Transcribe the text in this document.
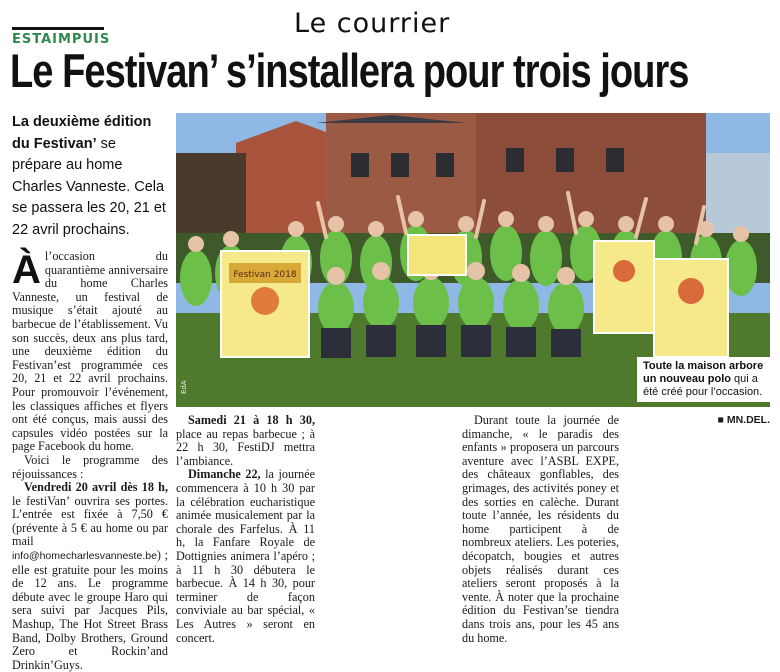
Le courrier
ESTAIMPUIS
Le Festivan’ s’installera pour trois jours
La deuxième édition du Festivan’ se prépare au home Charles Vanneste. Cela se passera les 20, 21 et 22 avril prochains.
Festivan 2018
EdA
Toute la maison arbore un nouveau polo qui a été créé pour l’occasion.

Àl’occasion du quarantième anniversaire du home Charles Vanneste, un festival de musique s’était ajouté au barbecue de l’établissement. Vu son succès, deux ans plus tard, une deuxième édition du Festivan’est programmée ces 20, 21 et 22 avril prochains. Pour promouvoir l’événement, les classiques affiches et flyers ont été conçus, mais aussi des capsules vidéo postées sur la page Facebook du home.

Voici le programme des réjouissances :

Vendredi 20 avril dès 18 h, le festiVan’ ouvrira ses portes. L’entrée est fixée à 7,50 € (prévente à 5 € au home ou par mail info@homecharlesvanneste.be) ; elle est gratuite pour les moins de 12 ans. Le programme débute avec le groupe Haro qui sera suivi par Jacques Pils, Mashup, The Hot Street Brass Band, Dolby Brothers, Ground Zero et Rockin’and Drinkin’Guys.

Samedi 21 à 18 h 30, place au repas barbecue ; à 22 h 30, FestiDJ mettra l’ambiance.

Dimanche 22, la journée commencera à 10 h 30 par la célébration eucharistique animée musicalement par la chorale des Farfelus. À 11 h, la Fanfare Royale de Dottignies animera l’apéro ; à 11 h 30 débutera le barbecue. À 14 h 30, pour terminer de façon conviviale au bar spécial, « Les Autres » seront en concert.

Durant toute la journée de dimanche, « le paradis des enfants » proposera un parcours aventure avec l’ASBL EXPE, des châteaux gonflables, des grimages, des activités poney et des sorties en calèche. Durant toute l’année, les résidents du home participent à de nombreux ateliers. Les poteries, décopatch, bougies et autres objets réalisés durant ces ateliers seront proposés à la vente. À noter que la prochaine édition du Festivan’se tiendra dans trois ans, pour les 45 ans du home.

■ MN.DEL.
